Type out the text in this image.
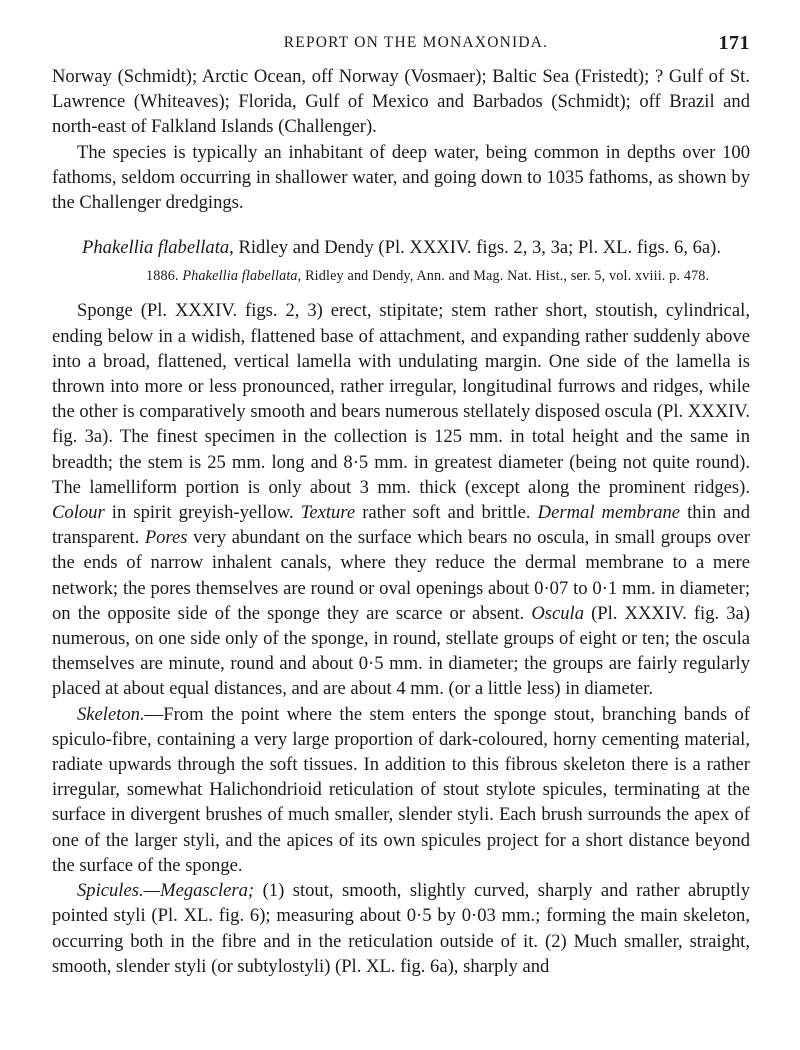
REPORT ON THE MONAXONIDA.	171

Norway (Schmidt); Arctic Ocean, off Norway (Vosmaer); Baltic Sea (Fristedt); ? Gulf of St. Lawrence (Whiteaves); Florida, Gulf of Mexico and Barbados (Schmidt); off Brazil and north-east of Falkland Islands (Challenger).

The species is typically an inhabitant of deep water, being common in depths over 100 fathoms, seldom occurring in shallower water, and going down to 1035 fathoms, as shown by the Challenger dredgings.

Phakellia flabellata, Ridley and Dendy (Pl. XXXIV. figs. 2, 3, 3a; Pl. XL. figs. 6, 6a).

1886. Phakellia flabellata, Ridley and Dendy, Ann. and Mag. Nat. Hist., ser. 5, vol. xviii. p. 478.

Sponge (Pl. XXXIV. figs. 2, 3) erect, stipitate; stem rather short, stoutish, cylindrical, ending below in a widish, flattened base of attachment, and expanding rather suddenly above into a broad, flattened, vertical lamella with undulating margin. One side of the lamella is thrown into more or less pronounced, rather irregular, longitudinal furrows and ridges, while the other is comparatively smooth and bears numerous stellately disposed oscula (Pl. XXXIV. fig. 3a). The finest specimen in the collection is 125 mm. in total height and the same in breadth; the stem is 25 mm. long and 8·5 mm. in greatest diameter (being not quite round). The lamelliform portion is only about 3 mm. thick (except along the prominent ridges). Colour in spirit greyish-yellow. Texture rather soft and brittle. Dermal membrane thin and transparent. Pores very abundant on the surface which bears no oscula, in small groups over the ends of narrow inhalent canals, where they reduce the dermal membrane to a mere network; the pores themselves are round or oval openings about 0·07 to 0·1 mm. in diameter; on the opposite side of the sponge they are scarce or absent. Oscula (Pl. XXXIV. fig. 3a) numerous, on one side only of the sponge, in round, stellate groups of eight or ten; the oscula themselves are minute, round and about 0·5 mm. in diameter; the groups are fairly regularly placed at about equal distances, and are about 4 mm. (or a little less) in diameter.

Skeleton.—From the point where the stem enters the sponge stout, branching bands of spiculo-fibre, containing a very large proportion of dark-coloured, horny cementing material, radiate upwards through the soft tissues. In addition to this fibrous skeleton there is a rather irregular, somewhat Halichondrioid reticulation of stout stylote spicules, terminating at the surface in divergent brushes of much smaller, slender styli. Each brush surrounds the apex of one of the larger styli, and the apices of its own spicules project for a short distance beyond the surface of the sponge.

Spicules.—Megasclera; (1) stout, smooth, slightly curved, sharply and rather abruptly pointed styli (Pl. XL. fig. 6); measuring about 0·5 by 0·03 mm.; forming the main skeleton, occurring both in the fibre and in the reticulation outside of it. (2) Much smaller, straight, smooth, slender styli (or subtylostyli) (Pl. XL. fig. 6a), sharply and
